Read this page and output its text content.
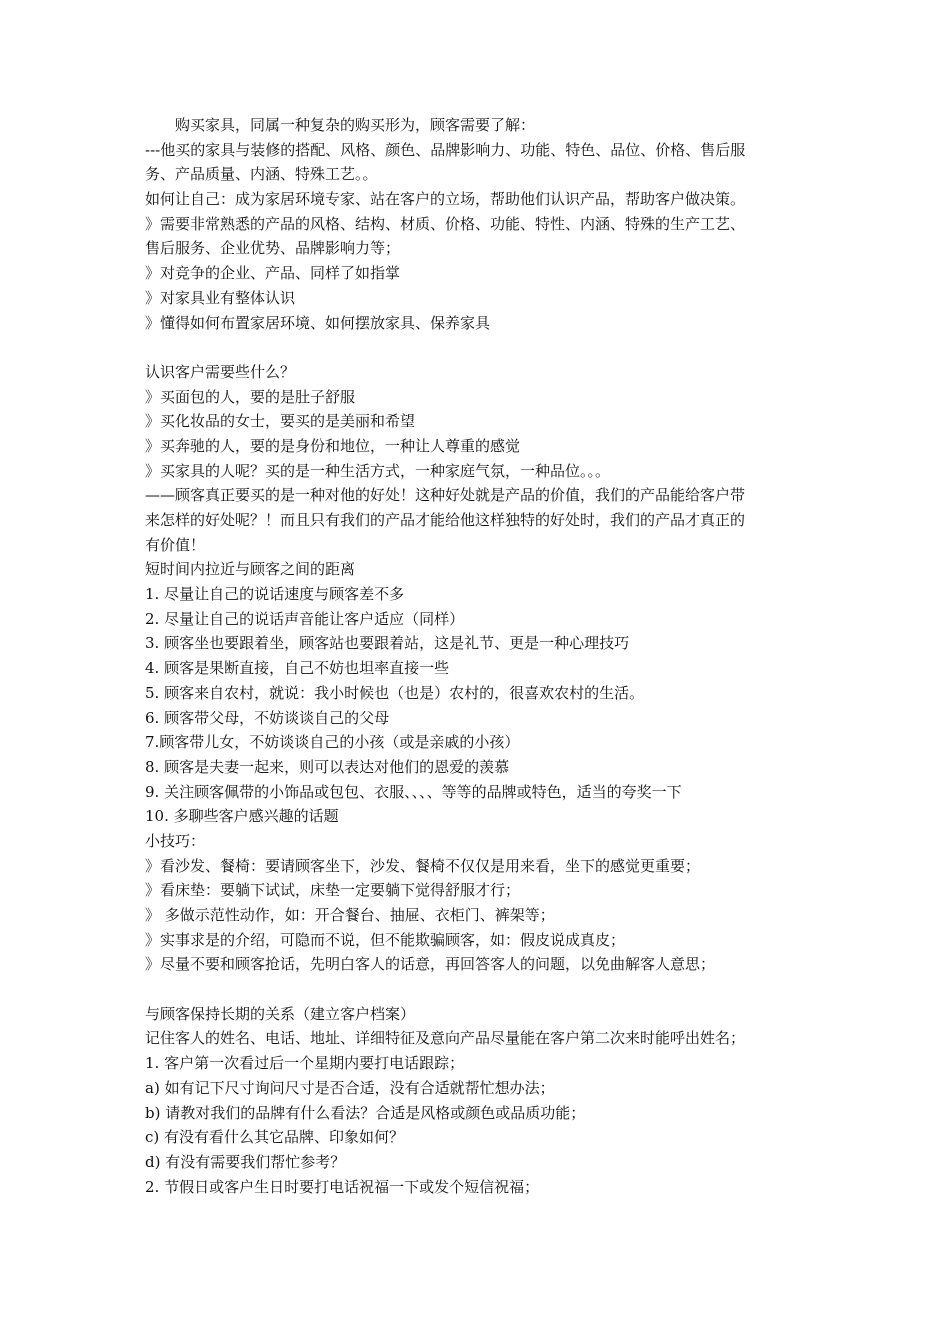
购买家具，同属一种复杂的购买形为，顾客需要了解：
---他买的家具与装修的搭配、风格、颜色、品牌影响力、功能、特色、品位、价格、售后服
务、产品质量、内涵、特殊工艺。。
如何让自己：成为家居环境专家、站在客户的立场，帮助他们认识产品，帮助客户做决策。
》需要非常熟悉的产品的风格、结构、材质、价格、功能、特性、内涵、特殊的生产工艺、
售后服务、企业优势、品牌影响力等；
》对竞争的企业、产品、同样了如指掌
》对家具业有整体认识
》懂得如何布置家居环境、如何摆放家具、保养家具
认识客户需要些什么？
》买面包的人，要的是肚子舒服
》买化妆品的女士，要买的是美丽和希望
》买奔驰的人，要的是身份和地位，一种让人尊重的感觉
》买家具的人呢？买的是一种生活方式，一种家庭气氛，一种品位。。。
——顾客真正要买的是一种对他的好处！这种好处就是产品的价值，我们的产品能给客户带
来怎样的好处呢？！而且只有我们的产品才能给他这样独特的好处时，我们的产品才真正的
有价值！
短时间内拉近与顾客之间的距离
1. 尽量让自己的说话速度与顾客差不多
2. 尽量让自己的说话声音能让客户适应（同样）
3. 顾客坐也要跟着坐，顾客站也要跟着站，这是礼节、更是一种心理技巧
4. 顾客是果断直接，自己不妨也坦率直接一些
5. 顾客来自农村，就说：我小时候也（也是）农村的，很喜欢农村的生活。
6. 顾客带父母，不妨谈谈自己的父母
7.顾客带儿女，不妨谈谈自己的小孩（或是亲戚的小孩）
8. 顾客是夫妻一起来，则可以表达对他们的恩爱的羡慕
9. 关注顾客佩带的小饰品或包包、衣服、、、、等等的品牌或特色，适当的夸奖一下
10. 多聊些客户感兴趣的话题
小技巧：
》看沙发、餐椅：要请顾客坐下，沙发、餐椅不仅仅是用来看，坐下的感觉更重要；
》看床垫：要躺下试试，床垫一定要躺下觉得舒服才行；
》 多做示范性动作，如：开合餐台、抽屉、衣柜门、裤架等；
》实事求是的介绍，可隐而不说，但不能欺骗顾客，如：假皮说成真皮；
》尽量不要和顾客抢话，先明白客人的话意，再回答客人的问题，以免曲解客人意思；
与顾客保持长期的关系（建立客户档案）
记住客人的姓名、电话、地址、详细特征及意向产品尽量能在客户第二次来时能呼出姓名；
1. 客户第一次看过后一个星期内要打电话跟踪；
a) 如有记下尺寸询问尺寸是否合适，没有合适就帮忙想办法；
b) 请教对我们的品牌有什么看法？合适是风格或颜色或品质功能；
c) 有没有看什么其它品牌、印象如何？
d) 有没有需要我们帮忙参考？
2. 节假日或客户生日时要打电话祝福一下或发个短信祝福；
